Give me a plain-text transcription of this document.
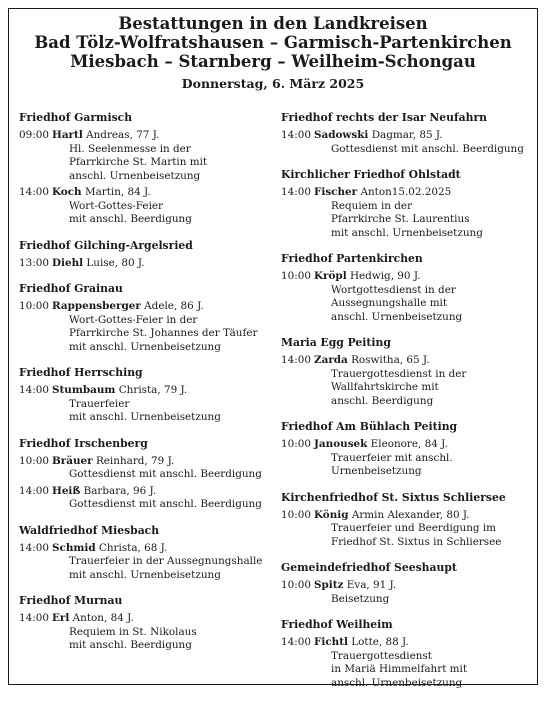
Bestattungen in den Landkreisen
Bad Tölz-Wolfratshausen – Garmisch-Partenkirchen
Miesbach – Starnberg – Weilheim-Schongau
Donnerstag, 6. März 2025
Friedhof Garmisch
09:00 Hartl Andreas, 77 J.
Hl. Seelenmesse in der
Pfarrkirche St. Martin mit
anschl. Urnenbeisetzung
14:00 Koch Martin, 84 J.
Wort-Gottes-Feier
mit anschl. Beerdigung
Friedhof Gilching-Argelsried
13:00 Diehl Luise, 80 J.
Friedhof Grainau
10:00 Rappensberger Adele, 86 J.
Wort-Gottes-Feier in der
Pfarrkirche St. Johannes der Täufer
mit anschl. Urnenbeisetzung
Friedhof Herrsching
14:00 Stumbaum Christa, 79 J.
Trauerfeier
mit anschl. Urnenbeisetzung
Friedhof Irschenberg
10:00 Bräuer Reinhard, 79 J.
Gottesdienst mit anschl. Beerdigung
14:00 Heiß Barbara, 96 J.
Gottesdienst mit anschl. Beerdigung
Waldfriedhof Miesbach
14:00 Schmid Christa, 68 J.
Trauerfeier in der Aussegnungshalle
mit anschl. Urnenbeisetzung
Friedhof Murnau
14:00 Erl Anton, 84 J.
Requiem in St. Nikolaus
mit anschl. Beerdigung
Friedhof rechts der Isar Neufahrn
14:00 Sadowski Dagmar, 85 J.
Gottesdienst mit anschl. Beerdigung
Kirchlicher Friedhof Ohlstadt
14:00 Fischer Anton15.02.2025
Requiem in der
Pfarrkirche St. Laurentius
mit anschl. Urnenbeisetzung
Friedhof Partenkirchen
10:00 Kröpl Hedwig, 90 J.
Wortgottesdienst in der
Aussegnungshalle mit
anschl. Urnenbeisetzung
Maria Egg Peiting
14:00 Zarda Roswitha, 65 J.
Trauergottesdienst in der
Wallfahrtskirche mit
anschl. Beerdigung
Friedhof Am Bühlach Peiting
10:00 Janousek Eleonore, 84 J.
Trauerfeier mit anschl.
Urnenbeisetzung
Kirchenfriedhof St. Sixtus Schliersee
10:00 König Armin Alexander, 80 J.
Trauerfeier und Beerdigung im
Friedhof St. Sixtus in Schliersee
Gemeindefriedhof Seeshaupt
10:00 Spitz Eva, 91 J.
Beisetzung
Friedhof Weilheim
14:00 Fichtl Lotte, 88 J.
Trauergottesdienst
in Mariä Himmelfahrt mit
anschl. Urnenbeisetzung
